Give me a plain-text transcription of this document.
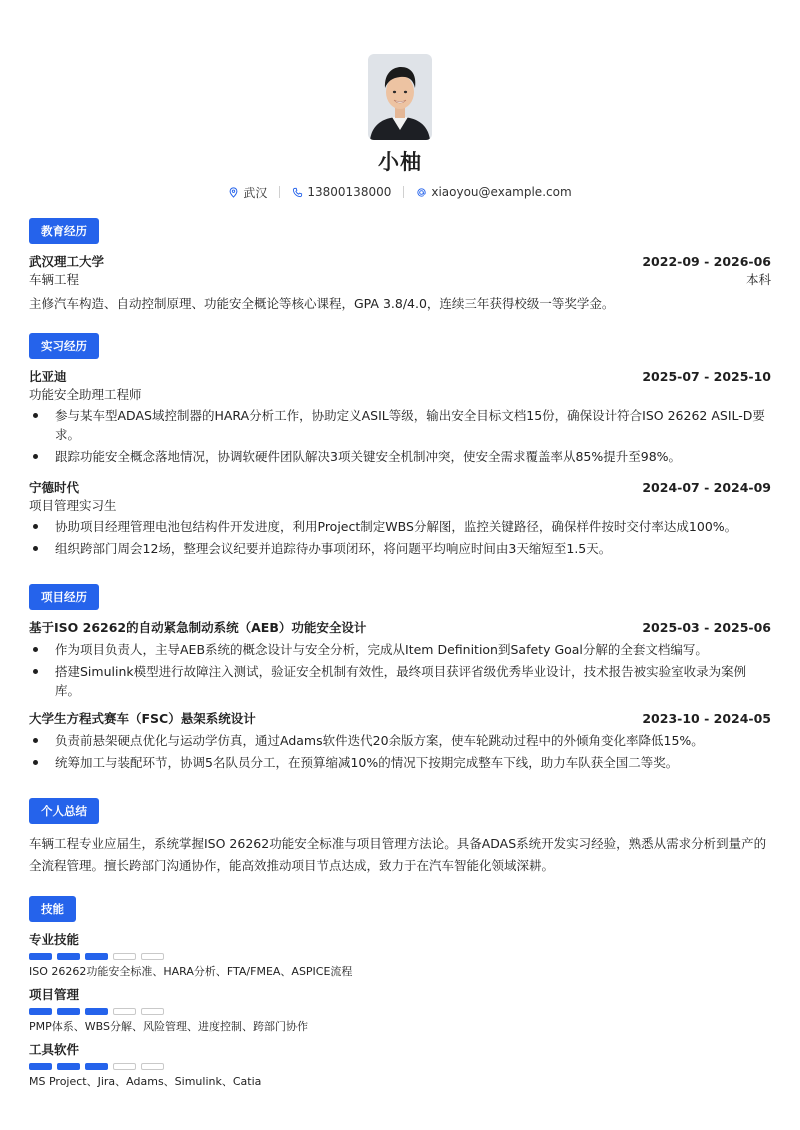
小柚
武汉	13800138000	xiaoyou@example.com
教育经历
武汉理工大学	2022-09 - 2026-06
车辆工程	本科
主修汽车构造、自动控制原理、功能安全概论等核心课程，GPA 3.8/4.0，连续三年获得校级一等奖学金。
实习经历
比亚迪	2025-07 - 2025-10
功能安全助理工程师
参与某车型ADAS域控制器的HARA分析工作，协助定义ASIL等级，输出安全目标文档15份，确保设计符合ISO 26262 ASIL-D要求。
跟踪功能安全概念落地情况，协调软硬件团队解决3项关键安全机制冲突，使安全需求覆盖率从85%提升至98%。
宁德时代	2024-07 - 2024-09
项目管理实习生
协助项目经理管理电池包结构件开发进度，利用Project制定WBS分解图，监控关键路径，确保样件按时交付率达成100%。
组织跨部门周会12场，整理会议纪要并追踪待办事项闭环，将问题平均响应时间由3天缩短至1.5天。
项目经历
基于ISO 26262的自动紧急制动系统（AEB）功能安全设计	2025-03 - 2025-06
作为项目负责人，主导AEB系统的概念设计与安全分析，完成从Item Definition到Safety Goal分解的全套文档编写。
搭建Simulink模型进行故障注入测试，验证安全机制有效性，最终项目获评省级优秀毕业设计，技术报告被实验室收录为案例库。
大学生方程式赛车（FSC）悬架系统设计	2023-10 - 2024-05
负责前悬架硬点优化与运动学仿真，通过Adams软件迭代20余版方案，使车轮跳动过程中的外倾角变化率降低15%。
统筹加工与装配环节，协调5名队员分工，在预算缩减10%的情况下按期完成整车下线，助力车队获全国二等奖。
个人总结
车辆工程专业应届生，系统掌握ISO 26262功能安全标准与项目管理方法论。具备ADAS系统开发实习经验，熟悉从需求分析到量产的全流程管理。擅长跨部门沟通协作，能高效推动项目节点达成，致力于在汽车智能化领域深耕。
技能
专业技能
ISO 26262功能安全标准、HARA分析、FTA/FMEA、ASPICE流程
项目管理
PMP体系、WBS分解、风险管理、进度控制、跨部门协作
工具软件
MS Project、Jira、Adams、Simulink、Catia
